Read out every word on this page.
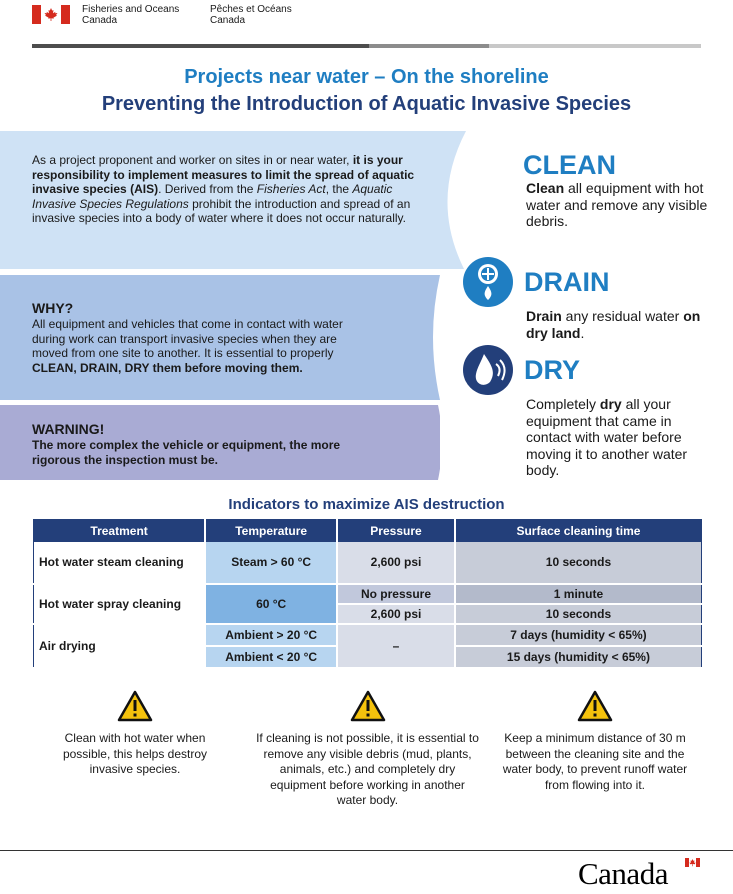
Fisheries and Oceans
Canada
Pêches et Océans
Canada
Projects near water – On the shoreline
Preventing the Introduction of Aquatic Invasive Species
As a project proponent and worker on sites in or near water, it is your responsibility to implement measures to limit the spread of aquatic invasive species (AIS). Derived from the Fisheries Act, the Aquatic Invasive Species Regulations prohibit the introduction and spread of an invasive species into a body of water where it does not occur naturally.
WHY?
All equipment and vehicles that come in contact with water during work can transport invasive species when they are moved from one site to another. It is essential to properly CLEAN, DRAIN, DRY them before moving them.
WARNING!
The more complex the vehicle or equipment, the more rigorous the inspection must be.
CLEAN
Clean all equipment with hot water and remove any visible debris.
DRAIN
Drain any residual water on dry land.
DRY
Completely dry all your equipment that came in contact with water before moving it to another water body.
Indicators to maximize AIS destruction
Treatment	Temperature	Pressure	Surface cleaning time
Hot water steam cleaning	Steam > 60 °C	2,600 psi	10 seconds
Hot water spray cleaning	60 °C	No pressure	1 minute
		2,600 psi	10 seconds
Air drying	Ambient > 20 °C	–	7 days (humidity < 65%)
	Ambient < 20 °C		15 days (humidity < 65%)
Clean with hot water when possible, this helps destroy invasive species.
If cleaning is not possible, it is essential to remove any visible debris (mud, plants, animals, etc.) and completely dry equipment before working in another water body.
Keep a minimum distance of 30 m between the cleaning site and the water body, to prevent runoff water from flowing into it.
Canada
